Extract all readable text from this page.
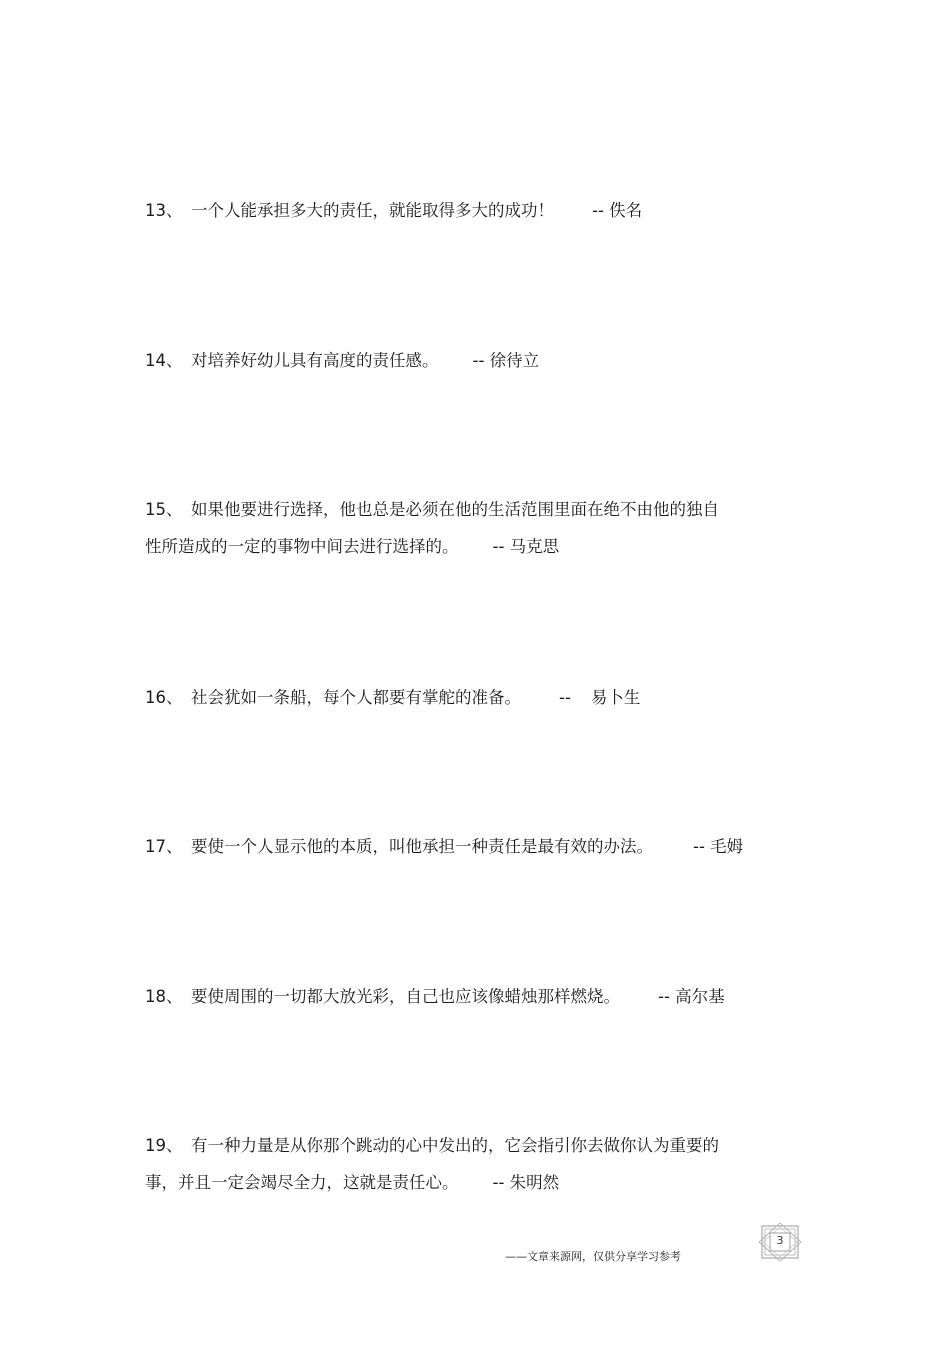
13、 一个人能承担多大的责任，就能取得多大的成功！ -- 佚名
14、 对培养好幼儿具有高度的责任感。 -- 徐待立
15、 如果他要进行选择，他也总是必须在他的生活范围里面在绝不由他的独自
性所造成的一定的事物中间去进行选择的。 -- 马克思
16、 社会犹如一条船，每个人都要有掌舵的准备。 -- 易卜生
17、 要使一个人显示他的本质，叫他承担一种责任是最有效的办法。 -- 毛姆
18、 要使周围的一切都大放光彩，自己也应该像蜡烛那样燃烧。 -- 高尔基
19、 有一种力量是从你那个跳动的心中发出的，它会指引你去做你认为重要的
事，并且一定会竭尽全力，这就是责任心。 -- 朱明然
——文章来源网，仅供分享学习参考
3
